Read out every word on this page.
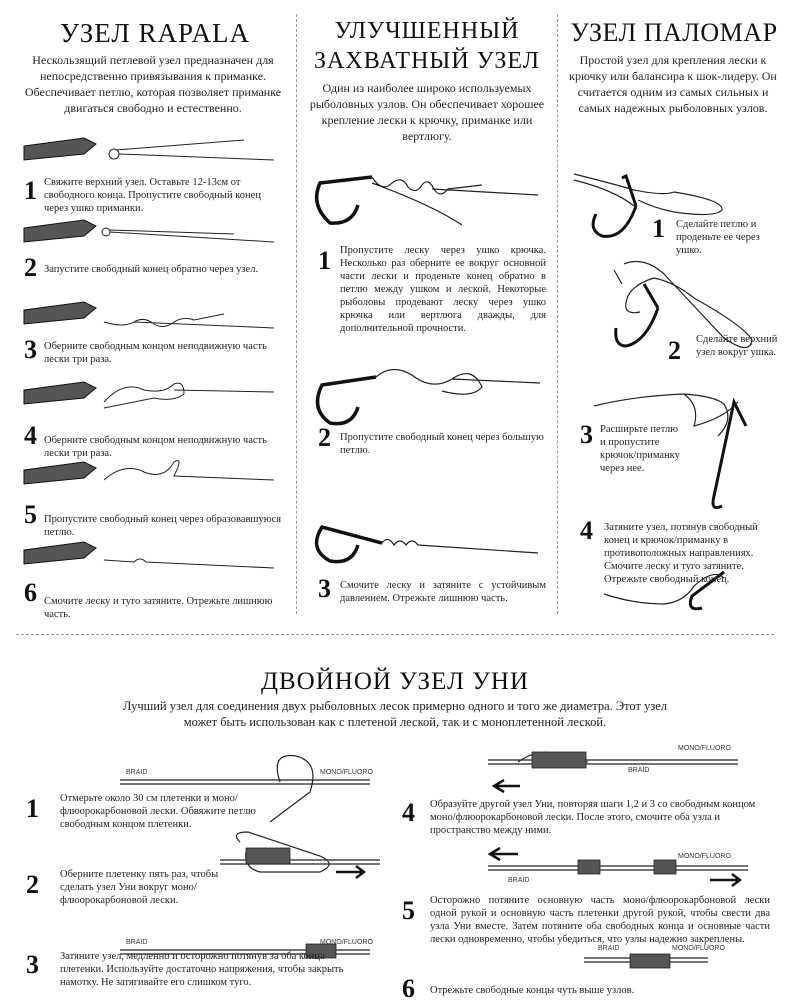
УЗЕЛ RAPALA
Нескользящий петлевой узел предназначен для непосредственно привязывания к приманке. Обеспечивает петлю, которая позволяет приманке двигаться свободно и естественно.
1 Свяжите верхний узел. Оставьте 12-13см от свободного конца. Пропустите свободный конец через ушко приманки.
2 Запустите свободный конец обратно через узел.
3 Оберните свободным концом неподвижную часть лески три раза.
4 Оберните свободным концом неподвижную часть лески три раза.
5 Пропустите свободный конец через образовавшуюся петлю.
6 Смочите леску и туго затяните. Отрежьте лишнюю часть.
УЛУЧШЕННЫЙ
ЗАХВАТНЫЙ УЗЕЛ
Один из наиболее широко используемых рыболовных узлов. Он обеспечивает хорошее крепление лески к крючку, приманке или вертлюгу.
1 Пропустите леску через ушко крючка. Несколько раз оберните ее вокруг основной части лески и проденьте конец обратно в петлю между ушком и леской. Некоторые рыболовы продевают леску через ушко крючка или вертлюга дважды, для дополнительной прочности.
2 Пропустите свободный конец через большую петлю.
3 Смочите леску и затяните с устойчивым давлением. Отрежьте лишнюю часть.
УЗЕЛ ПАЛОМАР
Простой узел для крепления лески к крючку или балансира к шок-лидеру. Он считается одним из самых сильных и самых надежных рыболовных узлов.
1 Сделайте петлю и проденьте ее через ушко.
2 Сделайте верхний узел вокруг ушка.
3 Расширьте петлю и пропустите крючок/приманку через нее.
4 Затяните узел, потянув свободный конец и крючок/приманку в противоположных направлениях. Смочите леску и туго затяните. Отрежьте свободный конец.
ДВОЙНОЙ УЗЕЛ УНИ
Лучший узел для соединения двух рыболовных лесок примерно одного и того же диаметра. Этот узел
может быть использован как с плетеной леской, так и с моноплетенной леской.
BRAID	MONO/FLUORO
BRAID	MONO/FLUORO
MONO/FLUORO
BRAID
MONO/FLUORO
BRAID
BRAID	MONO/FLUORO
1 Отмерьте около 30 см плетенки и моно/флюорокарбоновой лески. Обвяжите петлю свободным концом плетенки.
2 Оберните плетенку пять раз, чтобы сделать узел Уни вокруг моно/флюорокарбоновой лески.
3 Затяните узел, медленно и осторожно потянув за оба конца плетенки. Используйте достаточно напряжения, чтобы закрыть намотку. Не затягивайте его слишком туго.
4 Образуйте другой узел Уни, повторяя шаги 1,2 и 3 со свободным концом моно/флюорокарбоновой лески. После этого, смочите оба узла и пространство между ними.
5 Осторожно потяните основную часть моно/флюорокарбоновой лески одной рукой и основную часть плетенки другой рукой, чтобы свести два узла Уни вместе. Затем потяните оба свободных конца и основные части лески одновременно, чтобы убедиться, что узлы надежно закреплены.
6 Отрежьте свободные концы чуть выше узлов.
